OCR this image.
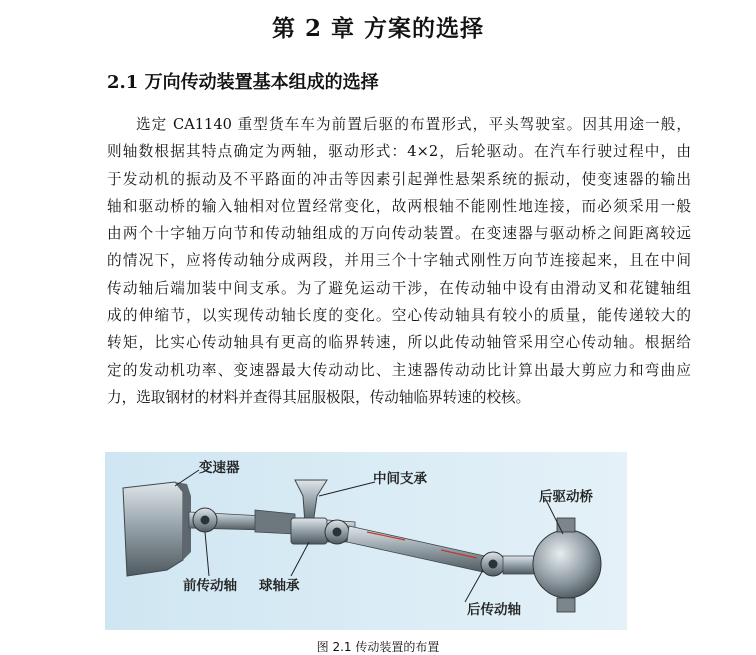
第 2 章 方案的选择
2.1 万向传动装置基本组成的选择

选定 CA1140 重型货车车为前置后驱的布置形式，平头驾驶室。因其用途一般，
则轴数根据其特点确定为两轴，驱动形式：4×2，后轮驱动。在汽车行驶过程中，由
于发动机的振动及不平路面的冲击等因素引起弹性悬架系统的振动，使变速器的输出
轴和驱动桥的输入轴相对位置经常变化，故两根轴不能刚性地连接，而必须采用一般
由两个十字轴万向节和传动轴组成的万向传动装置。在变速器与驱动桥之间距离较远
的情况下，应将传动轴分成两段，并用三个十字轴式刚性万向节连接起来，且在中间
传动轴后端加装中间支承。为了避免运动干涉，在传动轴中设有由滑动叉和花键轴组
成的伸缩节，以实现传动轴长度的变化。空心传动轴具有较小的质量，能传递较大的
转矩，比实心传动轴具有更高的临界转速，所以此传动轴管采用空心传动轴。根据给
定的发动机功率、变速器最大传动动比、主速器传动动比计算出最大剪应力和弯曲应
力，选取钢材的材料并查得其屈服极限，传动轴临界转速的校核。

变速器
中间支承
后驱动桥
前传动轴 球轴承
后传动轴
图 2.1 传动装置的布置
